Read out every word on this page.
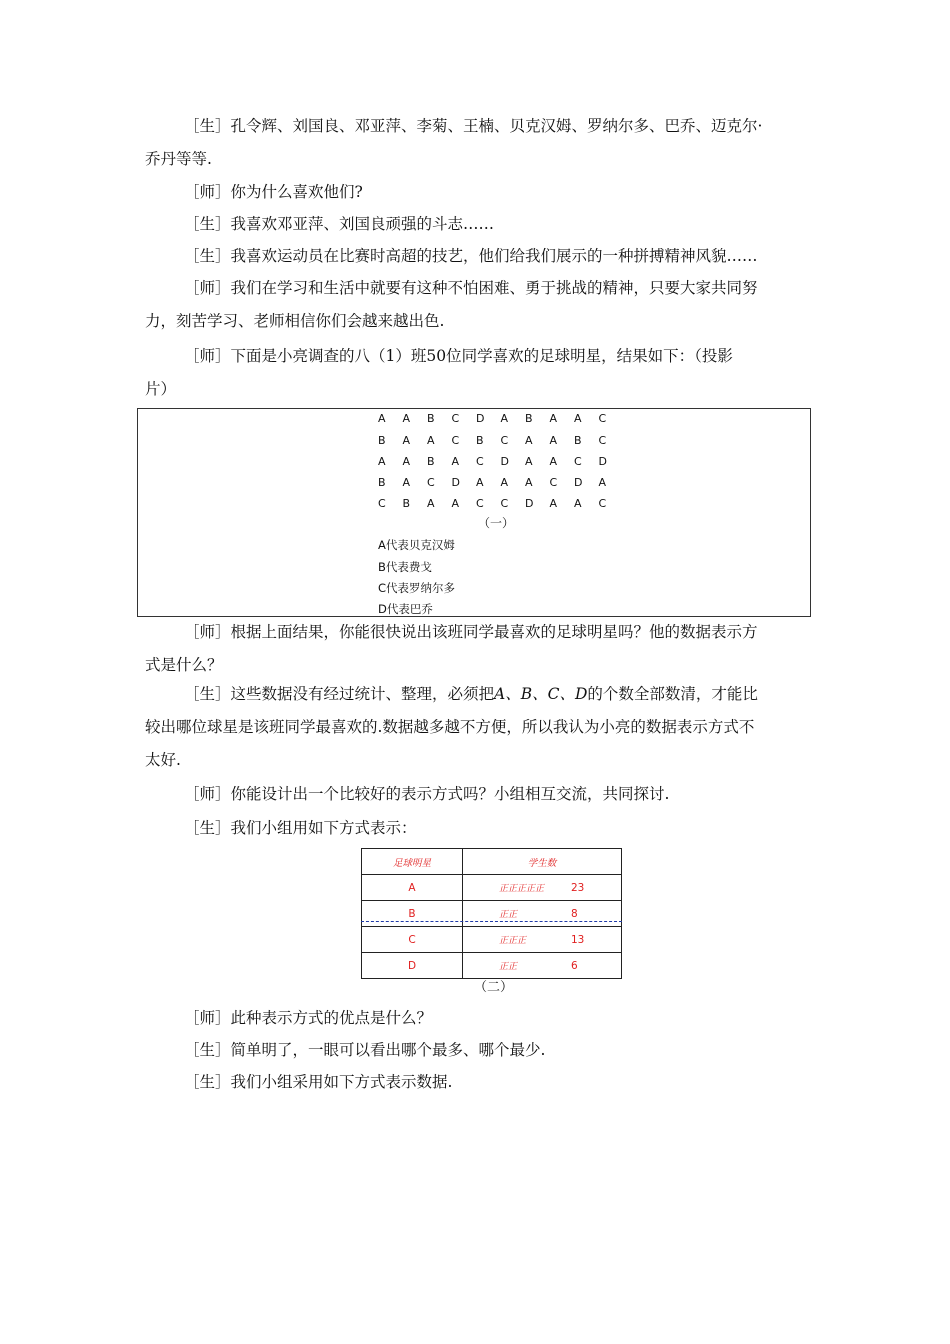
［生］孔令辉、刘国良、邓亚萍、李菊、王楠、贝克汉姆、罗纳尔多、巴乔、迈克尔·
乔丹等等.
［师］你为什么喜欢他们?
［生］我喜欢邓亚萍、刘国良顽强的斗志……
［生］我喜欢运动员在比赛时高超的技艺，他们给我们展示的一种拼搏精神风貌……
［师］我们在学习和生活中就要有这种不怕困难、勇于挑战的精神，只要大家共同努
力，刻苦学习、老师相信你们会越来越出色.
［师］下面是小亮调查的八（1）班50位同学喜欢的足球明星，结果如下：（投影
片）
A A B C D A B A A C
B A A C B C A A B C
A A B A C D A A C D
B A C D A A A C D A
C B A A C C D A A C
（一）
A代表贝克汉姆
B代表费戈
C代表罗纳尔多
D代表巴乔
［师］根据上面结果，你能很快说出该班同学最喜欢的足球明星吗？他的数据表示方
式是什么？
［生］这些数据没有经过统计、整理，必须把A、B、C、D的个数全部数清，才能比
较出哪位球星是该班同学最喜欢的.数据越多越不方便，所以我认为小亮的数据表示方式不
太好.
［师］你能设计出一个比较好的表示方式吗？小组相互交流，共同探讨.
［生］我们小组用如下方式表示：
足球明星	学生数
A	正正正正正 23
B	正正 8
C	正正正 13
D	正正 6
（二）
［师］此种表示方式的优点是什么？
［生］简单明了，一眼可以看出哪个最多、哪个最少.
［生］我们小组采用如下方式表示数据.
